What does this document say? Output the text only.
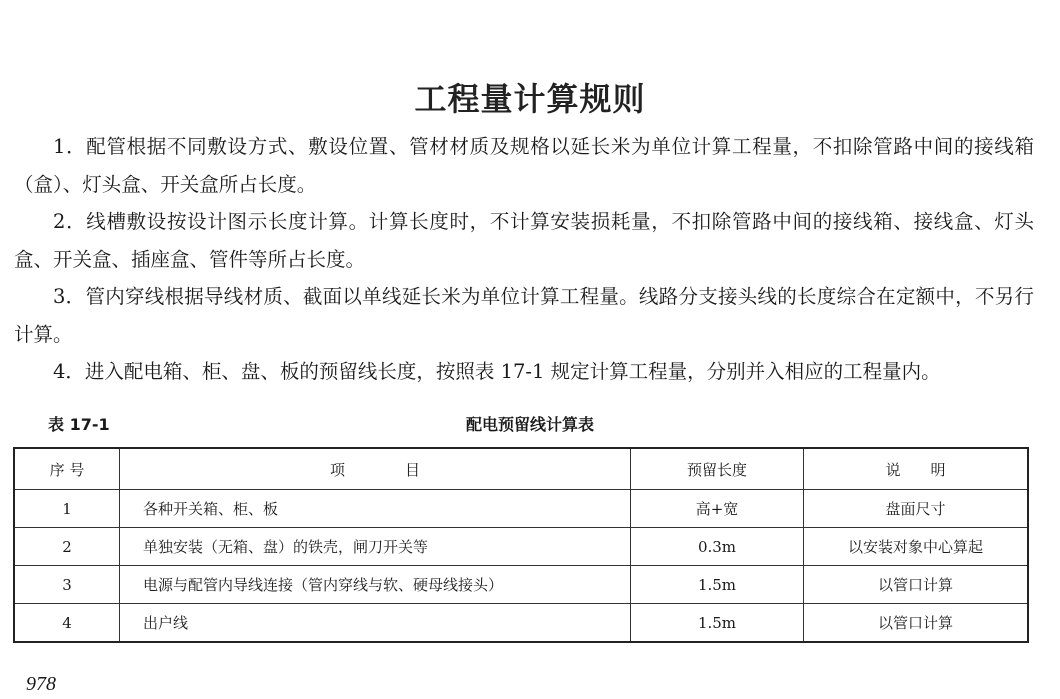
工程量计算规则

1．配管根据不同敷设方式、敷设位置、管材材质及规格以延长米为单位计算工程量，不扣除管路中间的接线箱（盒）、灯头盒、开关盒所占长度。

2．线槽敷设按设计图示长度计算。计算长度时，不计算安装损耗量，不扣除管路中间的接线箱、接线盒、灯头盒、开关盒、插座盒、管件等所占长度。

3．管内穿线根据导线材质、截面以单线延长米为单位计算工程量。线路分支接头线的长度综合在定额中，不另行计算。

4．进入配电箱、柜、盘、板的预留线长度，按照表 17-1 规定计算工程量，分别并入相应的工程量内。

表 17-1	配电预留线计算表
序 号	项　　　　目	预留长度	说　　明
1	各种开关箱、柜、板	高+宽	盘面尺寸
2	单独安装（无箱、盘）的铁壳，闸刀开关等	0.3m	以安装对象中心算起
3	电源与配管内导线连接（管内穿线与软、硬母线接头）	1.5m	以管口计算
4	出户线	1.5m	以管口计算
978
